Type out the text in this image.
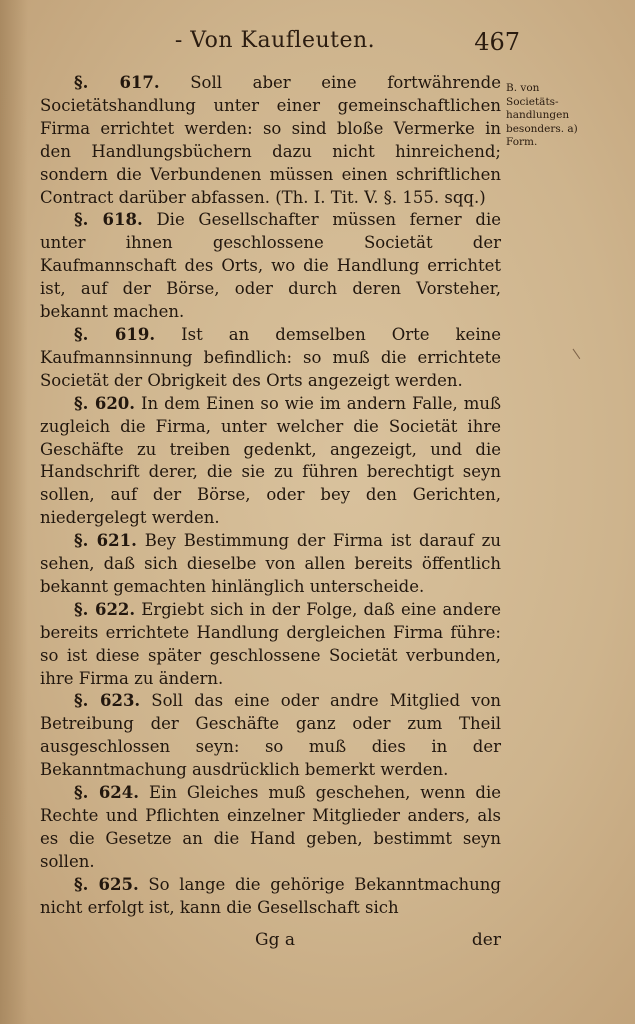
- Von Kaufleuten.	467
B. von Societäts-handlungen besonders. a) Form.

§. 617. Soll aber eine fortwährende Societätshandlung unter einer gemeinschaftlichen Firma errichtet werden: so sind bloße Vermerke in den Handlungsbüchern dazu nicht hinreichend; sondern die Verbundenen müssen einen schriftlichen Contract darüber abfassen. (Th. I. Tit. V. §. 155. sqq.)

§. 618. Die Gesellschafter müssen ferner die unter ihnen geschlossene Societät der Kaufmannschaft des Orts, wo die Handlung errichtet ist, auf der Börse, oder durch deren Vorsteher, bekannt machen.

§. 619. Ist an demselben Orte keine Kaufmannsinnung befindlich: so muß die errichtete Societät der Obrigkeit des Orts angezeigt werden.

§. 620. In dem Einen so wie im andern Falle, muß zugleich die Firma, unter welcher die Societät ihre Geschäfte zu treiben gedenkt, angezeigt, und die Handschrift derer, die sie zu führen berechtigt seyn sollen, auf der Börse, oder bey den Gerichten, niedergelegt werden.

§. 621. Bey Bestimmung der Firma ist darauf zu sehen, daß sich dieselbe von allen bereits öffentlich bekannt gemachten hinlänglich unterscheide.

§. 622. Ergiebt sich in der Folge, daß eine andere bereits errichtete Handlung dergleichen Firma führe: so ist diese später geschlossene Societät verbunden, ihre Firma zu ändern.

§. 623. Soll das eine oder andre Mitglied von Betreibung der Geschäfte ganz oder zum Theil ausgeschlossen seyn: so muß dies in der Bekanntmachung ausdrücklich bemerkt werden.

§. 624. Ein Gleiches muß geschehen, wenn die Rechte und Pflichten einzelner Mitglieder anders, als es die Gesetze an die Hand geben, bestimmt seyn sollen.

§. 625. So lange die gehörige Bekanntmachung nicht erfolgt ist, kann die Gesellschaft sich

Gg a	der
